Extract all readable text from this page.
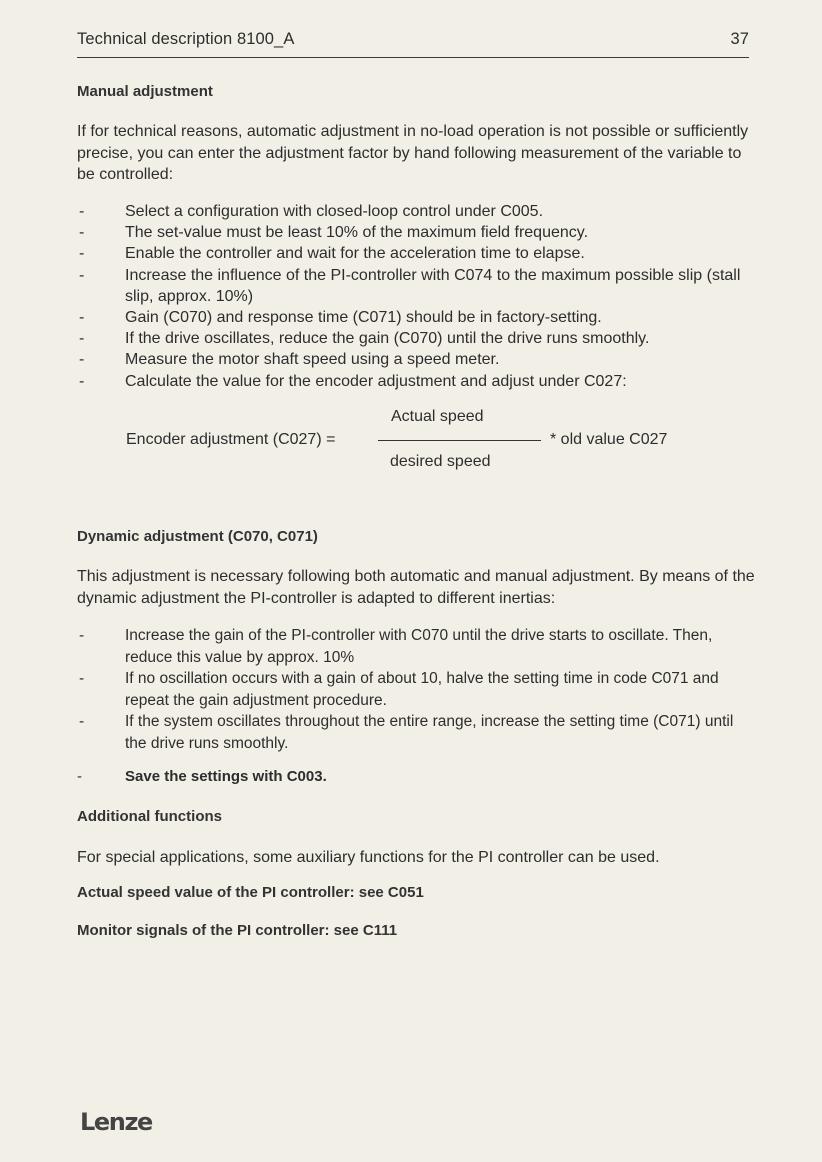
Technical description 8100_A	37
Manual adjustment
If for technical reasons, automatic adjustment in no-load operation is not possible or sufficiently precise, you can enter the adjustment factor by hand following measurement of the variable to be controlled:
- Select a configuration with closed-loop control under C005.
- The set-value must be least 10% of the maximum field frequency.
- Enable the controller and wait for the acceleration time to elapse.
- Increase the influence of the PI-controller with C074 to the maximum possible slip (stall slip, approx. 10%)
- Gain (C070) and response time (C071) should be in factory-setting.
- If the drive oscillates, reduce the gain (C070) until the drive runs smoothly.
- Measure the motor shaft speed using a speed meter.
- Calculate the value for the encoder adjustment and adjust under C027:
Encoder adjustment (C027) =
Actual speed
desired speed
* old value C027
Dynamic adjustment (C070, C071)
This adjustment is necessary following both automatic and manual adjustment. By means of the dynamic adjustment the PI-controller is adapted to different inertias:
- Increase the gain of the PI-controller with C070 until the drive starts to oscillate. Then, reduce this value by approx. 10%
- If no oscillation occurs with a gain of about 10, halve the setting time in code C071 and repeat the gain adjustment procedure.
- If the system oscillates throughout the entire range, increase the setting time (C071) until the drive runs smoothly.
-	Save the settings with C003.
Additional functions
For special applications, some auxiliary functions for the PI controller can be used.
Actual speed value of the PI controller: see C051
Monitor signals of the PI controller: see C111
Lenze
